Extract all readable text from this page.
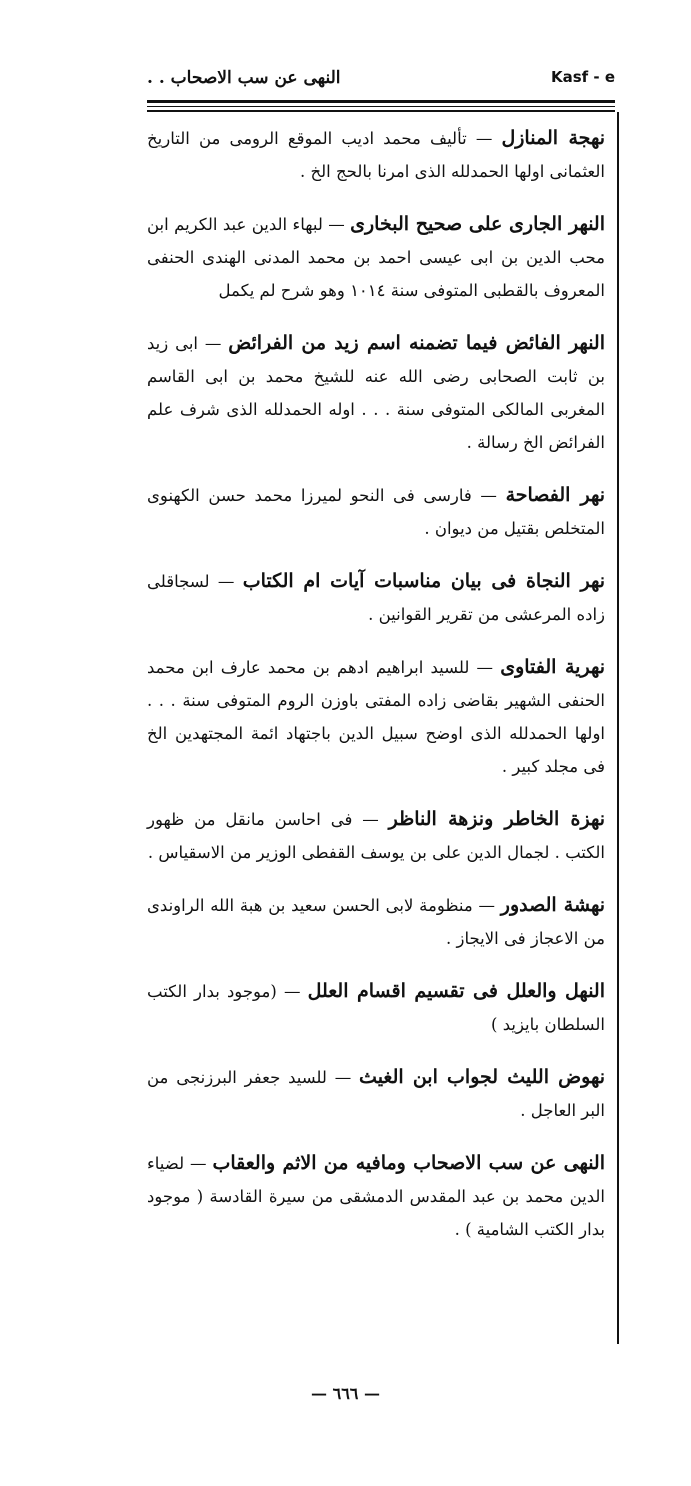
النهى عن سب الاصحاب . .	Kasf - e

نهجة المنازل — تأليف محمد اديب الموقع الرومى من التاريخ العثمانى اولها الحمدلله الذى امرنا بالحج الخ .

النهر الجارى على صحيح البخارى — لبهاء الدين عبد الكريم ابن محب الدين بن ابى عيسى احمد بن محمد المدنى الهندى الحنفى المعروف بالقطبى المتوفى سنة ١٠١٤ وهو شرح لم يكمل

النهر الفائض فيما تضمنه اسم زيد من الفرائض — ابى زيد بن ثابت الصحابى رضى الله عنه للشيخ محمد بن ابى القاسم المغربى المالكى المتوفى سنة . . . اوله الحمدلله الذى شرف علم الفرائض الخ رسالة .

نهر الفصاحة — فارسى فى النحو لميرزا محمد حسن الكهنوى المتخلص بقتيل من ديوان .

نهر النجاة فى بيان مناسبات آيات ام الكتاب — لسجاقلى زاده المرعشى من تقرير القوانين .

نهرية الفتاوى — للسيد ابراهيم ادهم بن محمد عارف ابن محمد الحنفى الشهير بقاضى زاده المفتى باوزن الروم المتوفى سنة . . . اولها الحمدلله الذى اوضح سبيل الدين باجتهاد ائمة المجتهدين الخ فى مجلد كبير .

نهزة الخاطر ونزهة الناظر — فى احاسن مانقل من ظهور الكتب . لجمال الدين على بن يوسف القفطى الوزير من الاسقياس .

نهشة الصدور — منظومة لابى الحسن سعيد بن هبة الله الراوندى من الاعجاز فى الايجاز .

النهل والعلل فى تقسيم اقسام العلل — (موجود بدار الكتب السلطان بايزيد )

نهوض الليث لجواب ابن الغيث — للسيد جعفر البرزنجى من البر العاجل .

النهى عن سب الاصحاب ومافيه من الاثم والعقاب — لضياء الدين محمد بن عبد المقدس الدمشقى من سيرة القادسة ( موجود بدار الكتب الشامية ) .

— ٦٦٦ —
